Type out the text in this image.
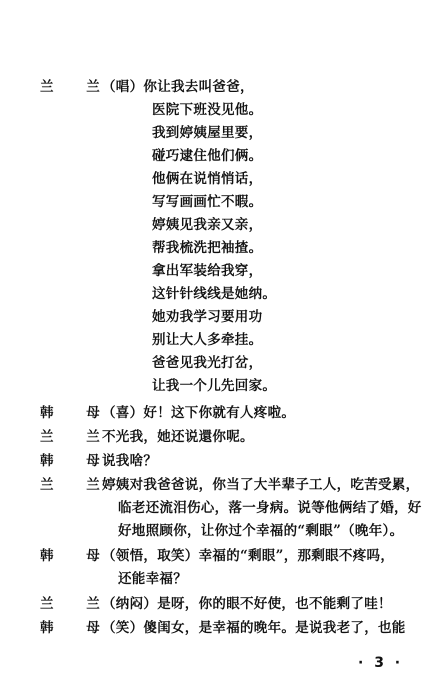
兰 兰
（唱）你让我去叫爸爸，
医院下班没见他。
我到婷姨屋里要，
碰巧逮住他们俩。
他俩在说悄悄话，
写写画画忙不暇。
婷姨见我亲又亲，
帮我梳洗把袖揸。
拿出军装给我穿，
这针针线线是她纳。
她劝我学习要用功
别让大人多牵挂。
爸爸见我光打岔，
让我一个儿先回家。
韩 母
（喜）好！这下你就有人疼啦。
兰 兰
不光我，她还说還你呢。
韩 母
说我啥？
兰 兰
婷姨对我爸爸说，你当了大半辈子工人，吃苦受累，
临老还流泪伤心，落一身病。说等他俩结了婚，好
好地照顾你，让你过个幸福的“剩眼”（晚年）。
韩 母
（领悟，取笑）幸福的“剩眼”，那剩眼不疼吗，
还能幸福？
兰 兰
（纳闷）是呀，你的眼不好使，也不能剩了哇！
韩 母
（笑）傻闺女，是幸福的晚年。是说我老了，也能
· 3 ·
